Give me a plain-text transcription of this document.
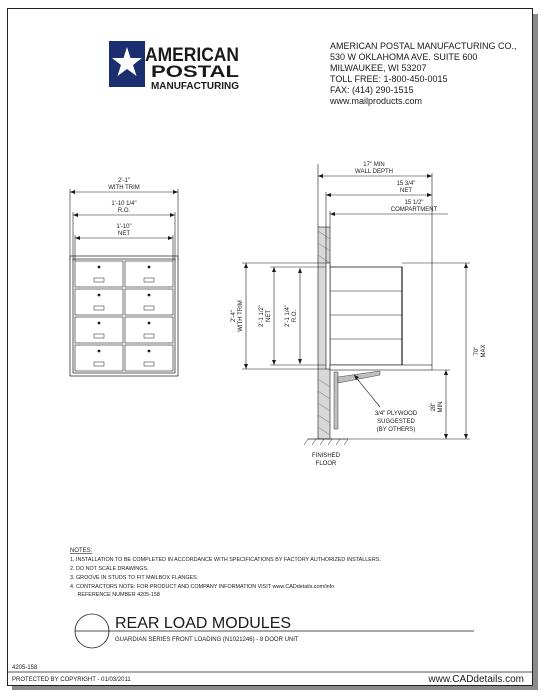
AMERICAN
POSTAL
MANUFACTURING
AMERICAN POSTAL MANUFACTURING CO.,
530 W OKLAHOMA AVE. SUITE 600
MILWAUKEE, WI 53207
TOLL FREE: 1-800-450-0015
FAX: (414) 290-1515
www.mailproducts.com
2'-1"
WITH TRIM
1'-10 1/4"
R.O.
1'-10"
NET
FINISHED
FLOOR
17" MIN
WALL DEPTH
15 3/4"
NET
15 1/2"
COMPARTMENT
2'-4" WITH TRIM	2'-1 1/2" NET 2'-1 1/4" R.O.
70" MAX
28" MIN
3/4" PLYWOOD
SUGGESTED
(BY OTHERS)
NOTES:
1. INSTALLATION TO BE COMPLETED IN ACCORDANCE WITH SPECIFICATIONS BY FACTORY AUTHORIZED INSTALLERS.
2. DO NOT SCALE DRAWINGS.
3. GROOVE IN STUDS TO FIT MAILBOX FLANGES.
4. CONTRACTORS NOTE: FOR PRODUCT AND COMPANY INFORMATION VISIT www.CADdetails.com/info
REFERENCE NUMBER 4205-158
REAR LOAD MODULES
GUARDIAN SERIES FRONT LOADING (N1021246) - 8 DOOR UNIT
4205-158
PROTECTED BY COPYRIGHT - 01/03/2011	www.CADdetails.com
